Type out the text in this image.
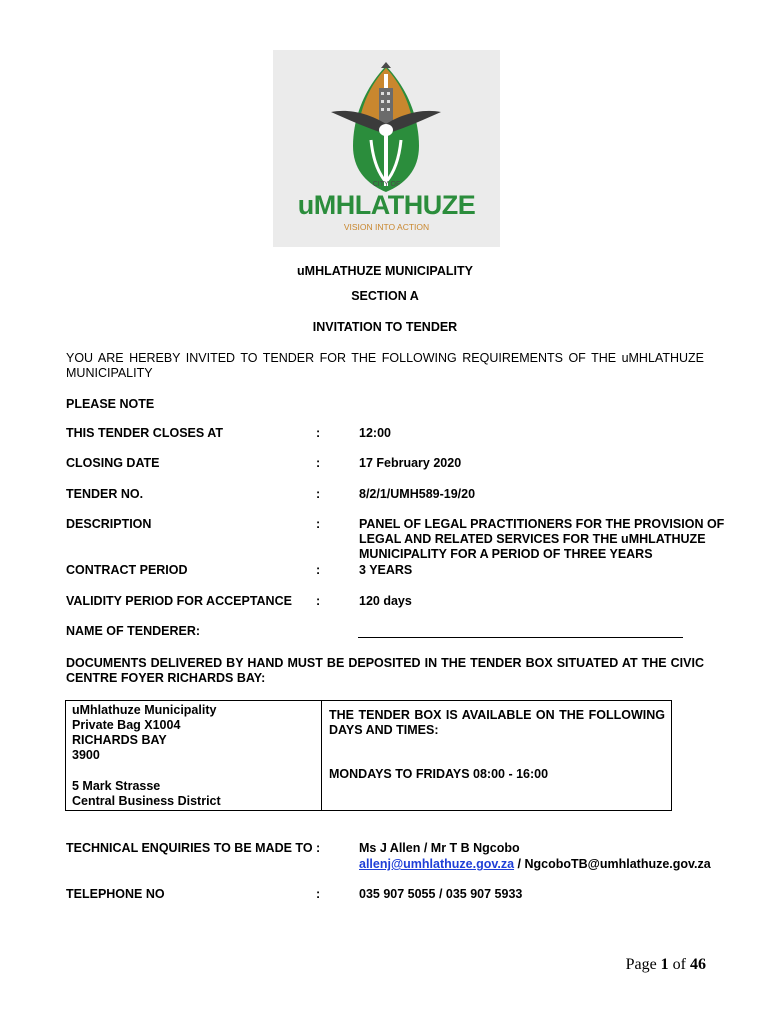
CITY OF
uMHLATHUZE
VISION INTO ACTION
uMHLATHUZE MUNICIPALITY
SECTION A
INVITATION TO TENDER
YOU ARE HEREBY INVITED TO TENDER FOR THE FOLLOWING REQUIREMENTS OF THE uMHLATHUZE MUNICIPALITY
PLEASE NOTE
THIS TENDER CLOSES AT	:	12:00
CLOSING DATE	:	17 February 2020
TENDER NO.	:	8/2/1/UMH589-19/20
DESCRIPTION	:	PANEL OF LEGAL PRACTITIONERS FOR THE PROVISION OF
LEGAL AND RELATED SERVICES FOR THE uMHLATHUZE
MUNICIPALITY FOR A PERIOD OF THREE YEARS
CONTRACT PERIOD	:	3 YEARS
VALIDITY PERIOD FOR ACCEPTANCE :	120 days
NAME OF TENDERER:
DOCUMENTS DELIVERED BY HAND MUST BE DEPOSITED IN THE TENDER BOX SITUATED AT THE CIVIC CENTRE FOYER RICHARDS BAY:
uMhlathuze Municipality
Private Bag X1004
RICHARDS BAY
3900
5 Mark Strasse
Central Business District
THE TENDER BOX IS AVAILABLE ON THE FOLLOWING DAYS AND TIMES:
MONDAYS TO FRIDAYS 08:00 - 16:00
TECHNICAL ENQUIRIES TO BE MADE TO :	Ms J Allen / Mr T B Ngcobo
allenj@umhlathuze.gov.za / NgcoboTB@umhlathuze.gov.za
TELEPHONE NO	:	035 907 5055 / 035 907 5933
Page 1 of 46
